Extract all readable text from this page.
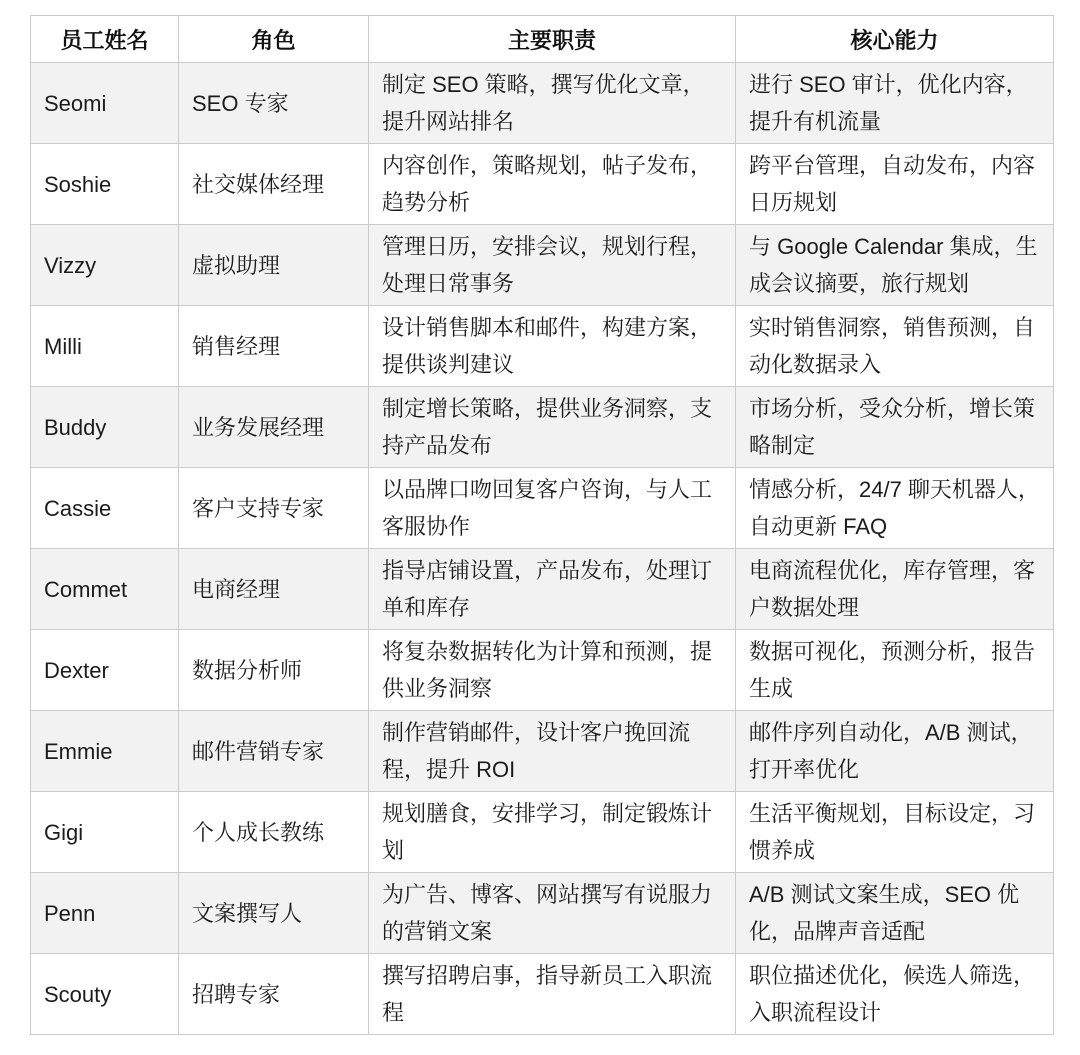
员工姓名	角色	主要职责	核心能力
Seomi	SEO 专家	制定 SEO 策略，撰写优化文章，提升网站排名	进行 SEO 审计，优化内容，提升有机流量
Soshie	社交媒体经理	内容创作，策略规划，帖子发布，趋势分析	跨平台管理，自动发布，内容日历规划
Vizzy	虚拟助理	管理日历，安排会议，规划行程，处理日常事务	与 Google Calendar 集成，生成会议摘要，旅行规划
Milli	销售经理	设计销售脚本和邮件，构建方案，提供谈判建议	实时销售洞察，销售预测，自动化数据录入
Buddy	业务发展经理	制定增长策略，提供业务洞察，支持产品发布	市场分析，受众分析，增长策略制定
Cassie	客户支持专家	以品牌口吻回复客户咨询，与人工客服协作	情感分析，24/7 聊天机器人，自动更新 FAQ
Commet	电商经理	指导店铺设置，产品发布，处理订单和库存	电商流程优化，库存管理，客户数据处理
Dexter	数据分析师	将复杂数据转化为计算和预测，提供业务洞察	数据可视化，预测分析，报告生成
Emmie	邮件营销专家	制作营销邮件，设计客户挽回流程，提升 ROI	邮件序列自动化，A/B 测试，打开率优化
Gigi	个人成长教练	规划膳食，安排学习，制定锻炼计划	生活平衡规划，目标设定，习惯养成
Penn	文案撰写人	为广告、博客、网站撰写有说服力的营销文案	A/B 测试文案生成，SEO 优化，品牌声音适配
Scouty	招聘专家	撰写招聘启事，指导新员工入职流程	职位描述优化，候选人筛选，入职流程设计
